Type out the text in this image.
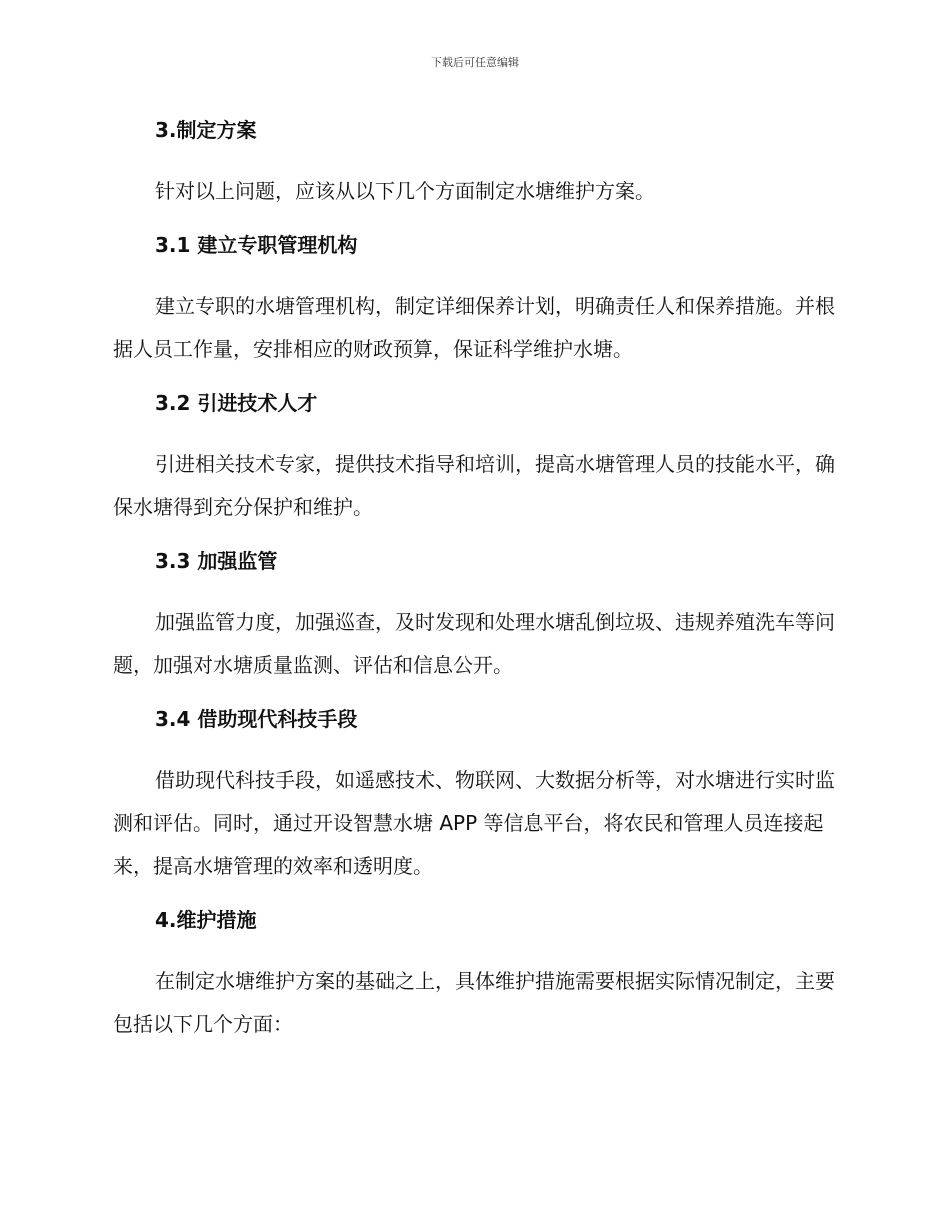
下载后可任意编辑
3.制定方案

针对以上问题，应该从以下几个方面制定水塘维护方案。

3.1 建立专职管理机构

建立专职的水塘管理机构，制定详细保养计划，明确责任人和保养措施。并根据人员工作量，安排相应的财政预算，保证科学维护水塘。

3.2 引进技术人才

引进相关技术专家，提供技术指导和培训，提高水塘管理人员的技能水平，确保水塘得到充分保护和维护。

3.3 加强监管

加强监管力度，加强巡查，及时发现和处理水塘乱倒垃圾、违规养殖洗车等问题，加强对水塘质量监测、评估和信息公开。

3.4 借助现代科技手段

借助现代科技手段，如遥感技术、物联网、大数据分析等，对水塘进行实时监测和评估。同时，通过开设智慧水塘 APP 等信息平台，将农民和管理人员连接起来，提高水塘管理的效率和透明度。

4.维护措施

在制定水塘维护方案的基础之上，具体维护措施需要根据实际情况制定，主要包括以下几个方面：
